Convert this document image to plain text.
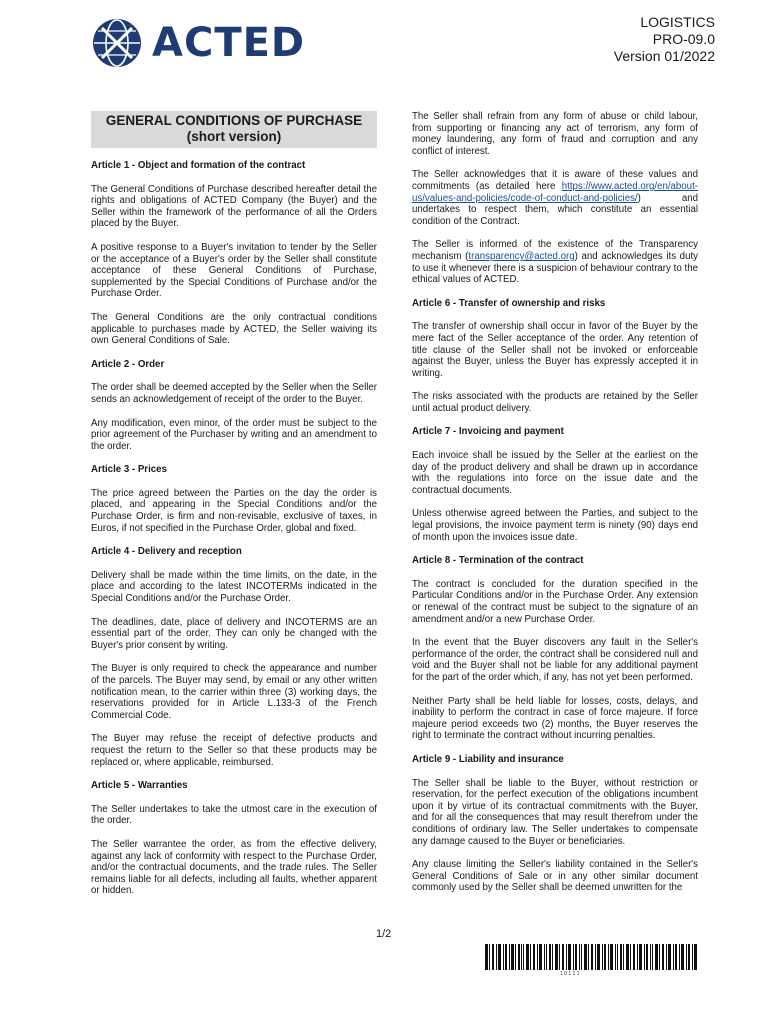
ACTED	LOGISTICS
PRO-09.0
Version 01/2022
GENERAL CONDITIONS OF PURCHASE
(short version)
Article 1 - Object and formation of the contract
The General Conditions of Purchase described hereafter detail the rights and obligations of ACTED Company (the Buyer) and the Seller within the framework of the performance of all the Orders placed by the Buyer.
A positive response to a Buyer's invitation to tender by the Seller or the acceptance of a Buyer's order by the Seller shall constitute acceptance of these General Conditions of Purchase, supplemented by the Special Conditions of Purchase and/or the Purchase Order.
The General Conditions are the only contractual conditions applicable to purchases made by ACTED, the Seller waiving its own General Conditions of Sale.
Article 2 - Order
The order shall be deemed accepted by the Seller when the Seller sends an acknowledgement of receipt of the order to the Buyer.
Any modification, even minor, of the order must be subject to the prior agreement of the Purchaser by writing and an amendment to the order.
Article 3 - Prices
The price agreed between the Parties on the day the order is placed, and appearing in the Special Conditions and/or the Purchase Order, is firm and non-revisable, exclusive of taxes, in Euros, if not specified in the Purchase Order, global and fixed.
Article 4 - Delivery and reception
Delivery shall be made within the time limits, on the date, in the place and according to the latest INCOTERMs indicated in the Special Conditions and/or the Purchase Order.
The deadlines, date, place of delivery and INCOTERMS are an essential part of the order. They can only be changed with the Buyer's prior consent by writing.
The Buyer is only required to check the appearance and number of the parcels. The Buyer may send, by email or any other written notification mean, to the carrier within three (3) working days, the reservations provided for in Article L.133-3 of the French Commercial Code.
The Buyer may refuse the receipt of defective products and request the return to the Seller so that these products may be replaced or, where applicable, reimbursed.
Article 5 - Warranties
The Seller undertakes to take the utmost care in the execution of the order.
The Seller warrantee the order, as from the effective delivery, against any lack of conformity with respect to the Purchase Order, and/or the contractual documents, and the trade rules. The Seller remains liable for all defects, including all faults, whether apparent or hidden.
The Seller shall refrain from any form of abuse or child labour, from supporting or financing any act of terrorism, any form of money laundering, any form of fraud and corruption and any conflict of interest.
The Seller acknowledges that it is aware of these values and commitments (as detailed here https://www.acted.org/en/about-us/values-and-policies/code-of-conduct-and-policies/) and undertakes to respect them, which constitute an essential condition of the Contract.
The Seller is informed of the existence of the Transparency mechanism (transparency@acted.org) and acknowledges its duty to use it whenever there is a suspicion of behaviour contrary to the ethical values of ACTED.
Article 6 - Transfer of ownership and risks
The transfer of ownership shall occur in favor of the Buyer by the mere fact of the Seller acceptance of the order. Any retention of title clause of the Seller shall not be invoked or enforceable against the Buyer, unless the Buyer has expressly accepted it in writing.
The risks associated with the products are retained by the Seller until actual product delivery.
Article 7 - Invoicing and payment
Each invoice shall be issued by the Seller at the earliest on the day of the product delivery and shall be drawn up in accordance with the regulations into force on the issue date and the contractual documents.
Unless otherwise agreed between the Parties, and subject to the legal provisions, the invoice payment term is ninety (90) days end of month upon the invoices issue date.
Article 8 - Termination of the contract
The contract is concluded for the duration specified in the Particular Conditions and/or in the Purchase Order. Any extension or renewal of the contract must be subject to the signature of an amendment and/or a new Purchase Order.
In the event that the Buyer discovers any fault in the Seller's performance of the order, the contract shall be considered null and void and the Buyer shall not be liable for any additional payment for the part of the order which, if any, has not yet been performed.
Neither Party shall be held liable for losses, costs, delays, and inability to perform the contract in case of force majeure. If force majeure period exceeds two (2) months, the Buyer reserves the right to terminate the contract without incurring penalties.
Article 9 - Liability and insurance
The Seller shall be liable to the Buyer, without restriction or reservation, for the perfect execution of the obligations incumbent upon it by virtue of its contractual commitments with the Buyer, and for all the consequences that may result therefrom under the conditions of ordinary law. The Seller undertakes to compensate any damage caused to the Buyer or beneficiaries.
Any clause limiting the Seller's liability contained in the Seller's General Conditions of Sale or in any other similar document commonly used by the Seller shall be deemed unwritten for the
1/2
1 0 1 1 1
